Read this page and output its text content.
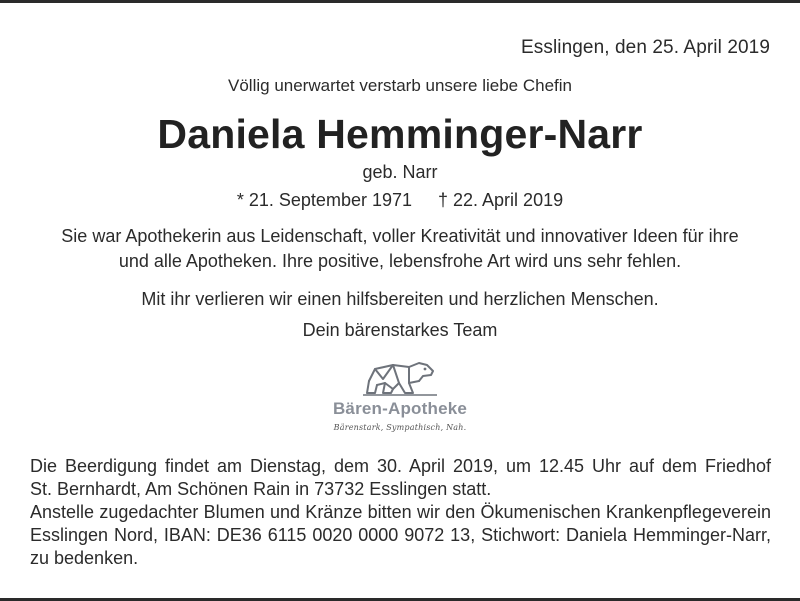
Esslingen, den 25. April 2019
Völlig unerwartet verstarb unsere liebe Chefin
Daniela Hemminger-Narr
geb. Narr
* 21. September 1971 † 22. April 2019
Sie war Apothekerin aus Leidenschaft, voller Kreativität und innovativer Ideen für ihre
und alle Apotheken. Ihre positive, lebensfrohe Art wird uns sehr fehlen.
Mit ihr verlieren wir einen hilfsbereiten und herzlichen Menschen.
Dein bärenstarkes Team
Bären-Apotheke
Bärenstark, Sympathisch, Nah.
Die Beerdigung findet am Dienstag, dem 30. April 2019, um 12.45 Uhr auf dem Friedhof
St. Bernhardt, Am Schönen Rain in 73732 Esslingen statt.
Anstelle zugedachter Blumen und Kränze bitten wir den Ökumenischen Krankenpflegeverein
Esslingen Nord, IBAN: DE36 6115 0020 0000 9072 13, Stichwort: Daniela Hemminger-Narr,
zu bedenken.
